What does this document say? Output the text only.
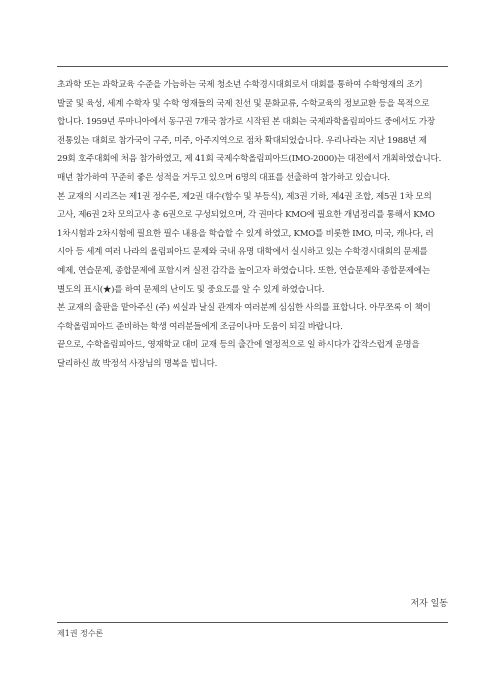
초과학 또는 과학교육 수준을 가늠하는 국제 청소년 수학경시대회로서 대회를 통하여 수학영재의 조기
발굴 및 육성, 세계 수학자 및 수학 영재들의 국제 친선 및 문화교류, 수학교육의 정보교환 등을 목적으로
합니다. 1959년 루마니아에서 동구권 7개국 참가로 시작된 본 대회는 국제과학올림피아드 중에서도 가장
전통있는 대회로 참가국이 구주, 미주, 아주지역으로 점차 확대되었습니다. 우리나라는 지난 1988년 제
29회 호주대회에 처음 참가하였고, 제 41회 국제수학올림피아드(IMO-2000)는 대전에서 개최하였습니다.
매년 참가하여 꾸준히 좋은 성적을 거두고 있으며 6명의 대표를 선출하여 참가하고 있습니다.
본 교재의 시리즈는 제1권 정수론, 제2권 대수(함수 및 부등식), 제3권 기하, 제4권 조합, 제5권 1차 모의
고사, 제6권 2차 모의고사 총 6권으로 구성되었으며, 각 권마다 KMO에 필요한 개념정리를 통해서 KMO
1차시험과 2차시험에 필요한 필수 내용을 학습할 수 있게 하였고, KMO를 비롯한 IMO, 미국, 캐나다, 러
시아 등 세계 여러 나라의 올림피아드 문제와 국내 유명 대학에서 실시하고 있는 수학경시대회의 문제를
예제, 연습문제, 종합문제에 포함시켜 실전 감각을 높이고자 하였습니다. 또한, 연습문제와 종합문제에는
별도의 표시(★)를 하여 문제의 난이도 및 중요도를 알 수 있게 하였습니다.
본 교재의 출판을 맡아주신 (주) 씨실과 날실 관계자 여러분께 심심한 사의를 표합니다. 아무쪼록 이 책이
수학올림피아드 준비하는 학생 여러분들에게 조금이나마 도움이 되길 바랍니다.
끝으로, 수학올림피아드, 영재학교 대비 교재 등의 출간에 열정적으로 일 하시다가 갑작스럽게 운명을
달리하신 故 박정석 사장님의 명복을 빕니다.
저자 일동
제1권 정수론
